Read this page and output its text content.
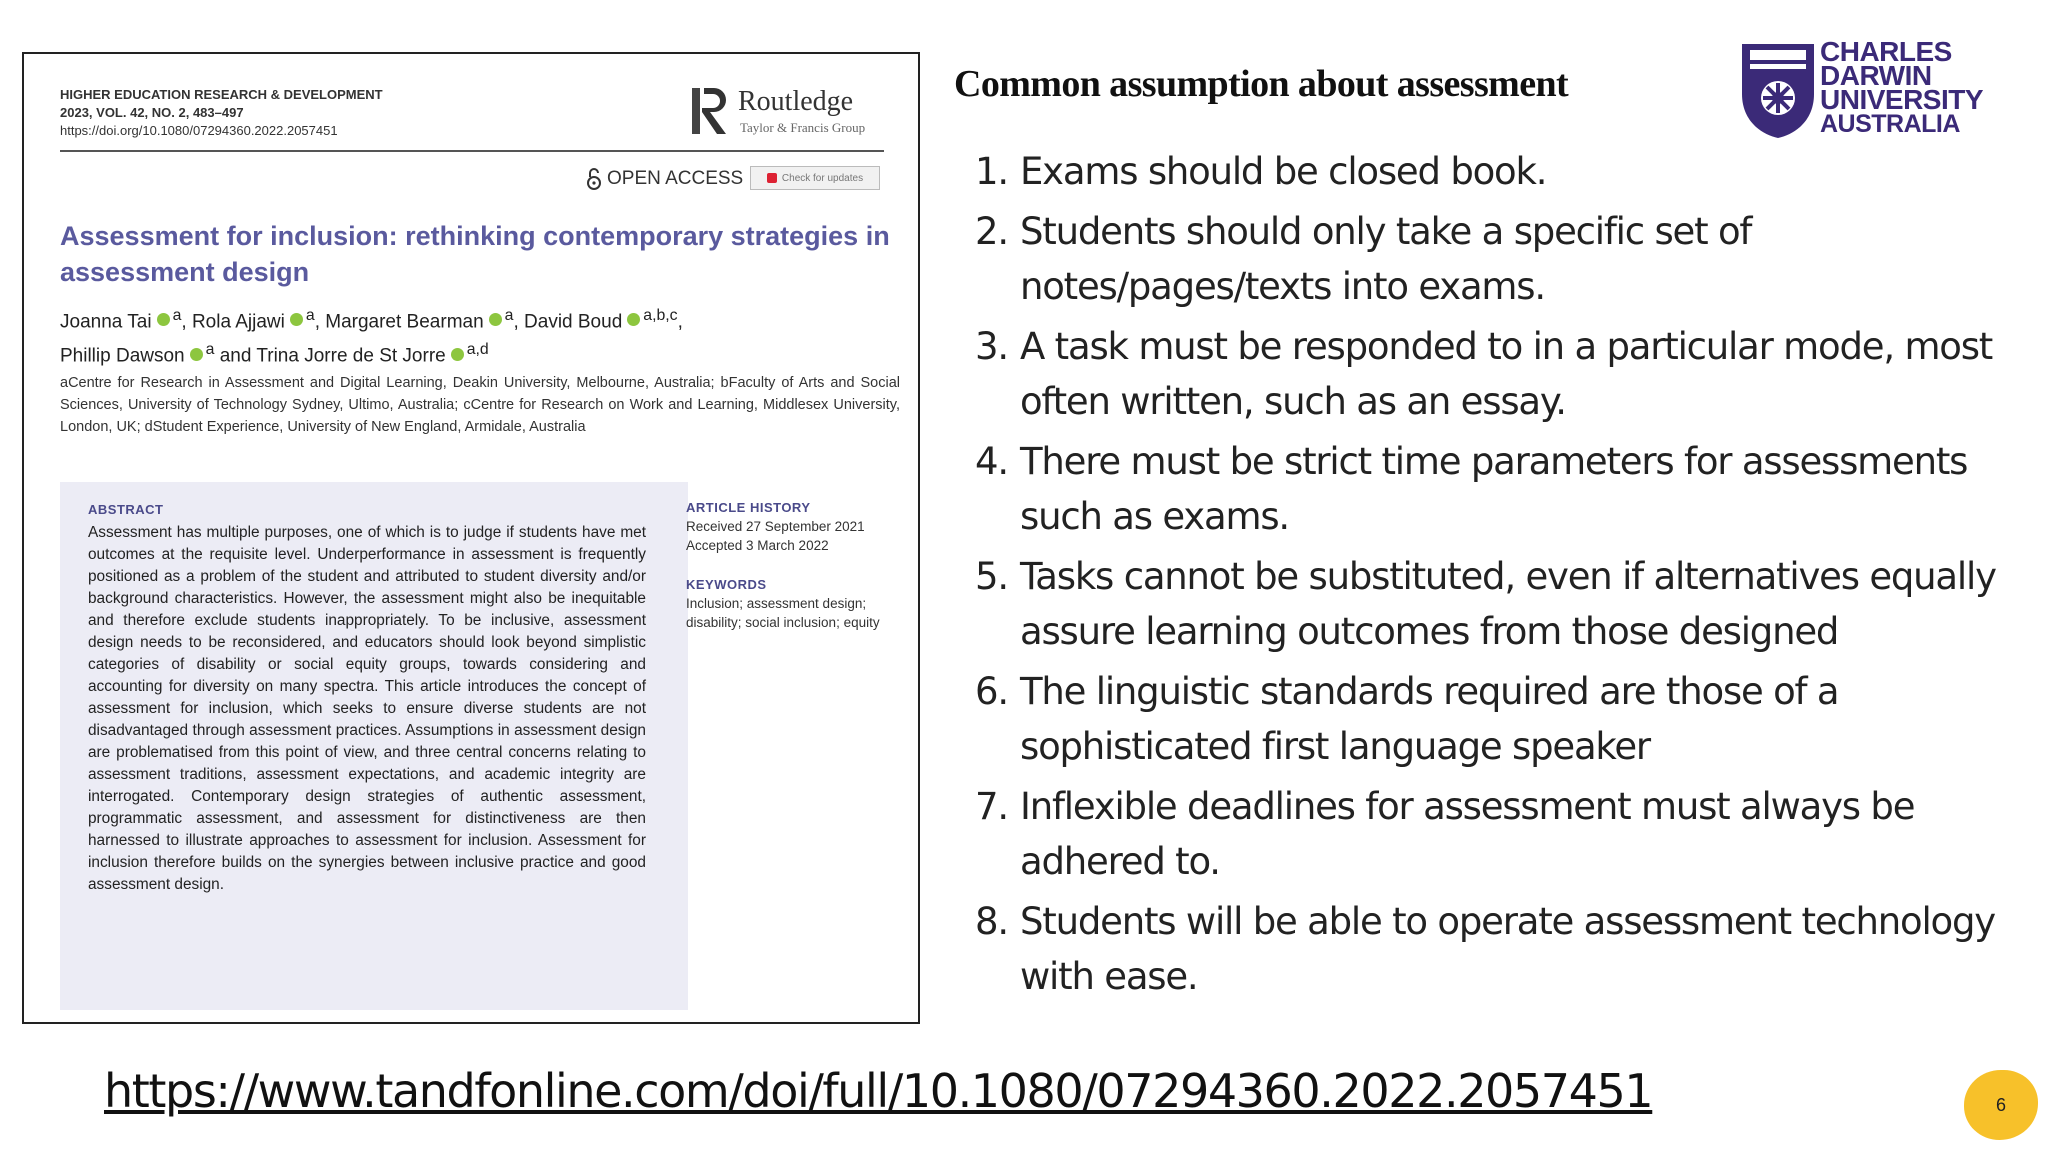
HIGHER EDUCATION RESEARCH & DEVELOPMENT
2023, VOL. 42, NO. 2, 483–497
https://doi.org/10.1080/07294360.2022.2057451
Routledge
Taylor & Francis Group
OPEN ACCESS	Check for updates
Assessment for inclusion: rethinking contemporary strategies in assessment design
Joanna Tai $^a$, Rola Ajjawi $^a$, Margaret Bearman $^a$, David Boud $^{a,b,c}$,
Phillip Dawson $^a$ and Trina Jorre de St Jorre $^{a,d}$
aCentre for Research in Assessment and Digital Learning, Deakin University, Melbourne, Australia; bFaculty of Arts and Social Sciences, University of Technology Sydney, Ultimo, Australia; cCentre for Research on Work and Learning, Middlesex University, London, UK; dStudent Experience, University of New England, Armidale, Australia
ABSTRACT
Assessment has multiple purposes, one of which is to judge if students have met outcomes at the requisite level. Underperformance in assessment is frequently positioned as a problem of the student and attributed to student diversity and/or background characteristics. However, the assessment might also be inequitable and therefore exclude students inappropriately. To be inclusive, assessment design needs to be reconsidered, and educators should look beyond simplistic categories of disability or social equity groups, towards considering and accounting for diversity on many spectra. This article introduces the concept of assessment for inclusion, which seeks to ensure diverse students are not disadvantaged through assessment practices. Assumptions in assessment design are problematised from this point of view, and three central concerns relating to assessment traditions, assessment expectations, and academic integrity are interrogated. Contemporary design strategies of authentic assessment, programmatic assessment, and assessment for distinctiveness are then harnessed to illustrate approaches to assessment for inclusion. Assessment for inclusion therefore builds on the synergies between inclusive practice and good assessment design.
ARTICLE HISTORY
Received 27 September 2021
Accepted 3 March 2022
KEYWORDS
Inclusion; assessment design; disability; social inclusion; equity
Common assumption about assessment
CHARLES
DARWIN
UNIVERSITY
AUSTRALIA
1. Exams should be closed book.
2. Students should only take a specific set of notes/pages/texts into exams.
3. A task must be responded to in a particular mode, most often written, such as an essay.
4. There must be strict time parameters for assessments such as exams.
5. Tasks cannot be substituted, even if alternatives equally assure learning outcomes from those designed
6. The linguistic standards required are those of a sophisticated first language speaker
7. Inflexible deadlines for assessment must always be adhered to.
8. Students will be able to operate assessment technology with ease.
https://www.tandfonline.com/doi/full/10.1080/07294360.2022.2057451	6
